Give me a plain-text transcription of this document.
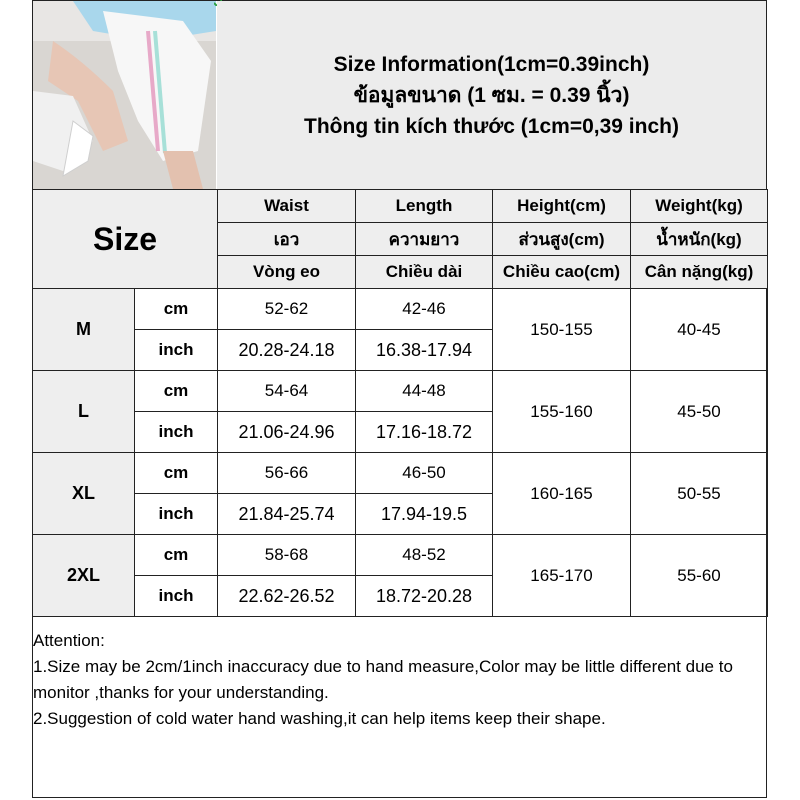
Size Information(1cm=0.39inch)
ข้อมูลขนาด (1 ซม. = 0.39 นิ้ว)
Thông tin kích thước (1cm=0,39 inch)
Size		Waist	Length	Height(cm)	Weight(kg)
		เอว	ความยาว	ส่วนสูง(cm)	น้ำหนัก(kg)
		Vòng eo	Chiều dài	Chiều cao(cm)	Cân nặng(kg)
M	cm	52-62	42-46	150-155	40-45
	inch	20.28-24.18	16.38-17.94		
L	cm	54-64	44-48	155-160	45-50
	inch	21.06-24.96	17.16-18.72		
XL	cm	56-66	46-50	160-165	50-55
	inch	21.84-25.74	17.94-19.5		
2XL	cm	58-68	48-52	165-170	55-60
	inch	22.62-26.52	18.72-20.28		

Attention:

1.Size may be 2cm/1inch inaccuracy due to hand measure,Color may be little different due to monitor ,thanks for your understanding.

2.Suggestion of cold water hand washing,it can help items keep their shape.
